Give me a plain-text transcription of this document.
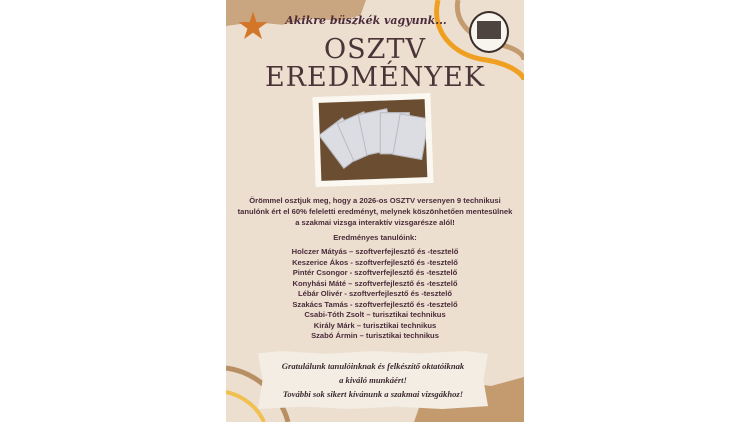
★	Akikre büszkék vagyunk...
OSZTV
EREDMÉNYEK
Örömmel osztjuk meg, hogy a 2026-os OSZTV versenyen 9 technikusi tanulónk ért el 60% feleletti eredményt, melynek köszönhetően mentesülnek a szakmai vizsga interaktív vizsgarésze alól!
Eredményes tanulóink:
Holczer Mátyás – szoftverfejlesztő és -tesztelő
Keszerice Ákos - szoftverfejlesztő és -tesztelő
Pintér Csongor - szoftverfejlesztő és -tesztelő
Konyhási Máté – szoftverfejlesztő és -tesztelő
Lébár Olivér - szoftverfejlesztő és -tesztelő
Szakács Tamás - szoftverfejlesztő és -tesztelő
Csabi-Tóth Zsolt – turisztikai technikus
Király Márk – turisztikai technikus
Szabó Ármin – turisztikai technikus
Gratulálunk tanulóinknak és felkészítő oktatóiknak
a kiváló munkáért!
További sok sikert kívánunk a szakmai vizsgákhoz!
